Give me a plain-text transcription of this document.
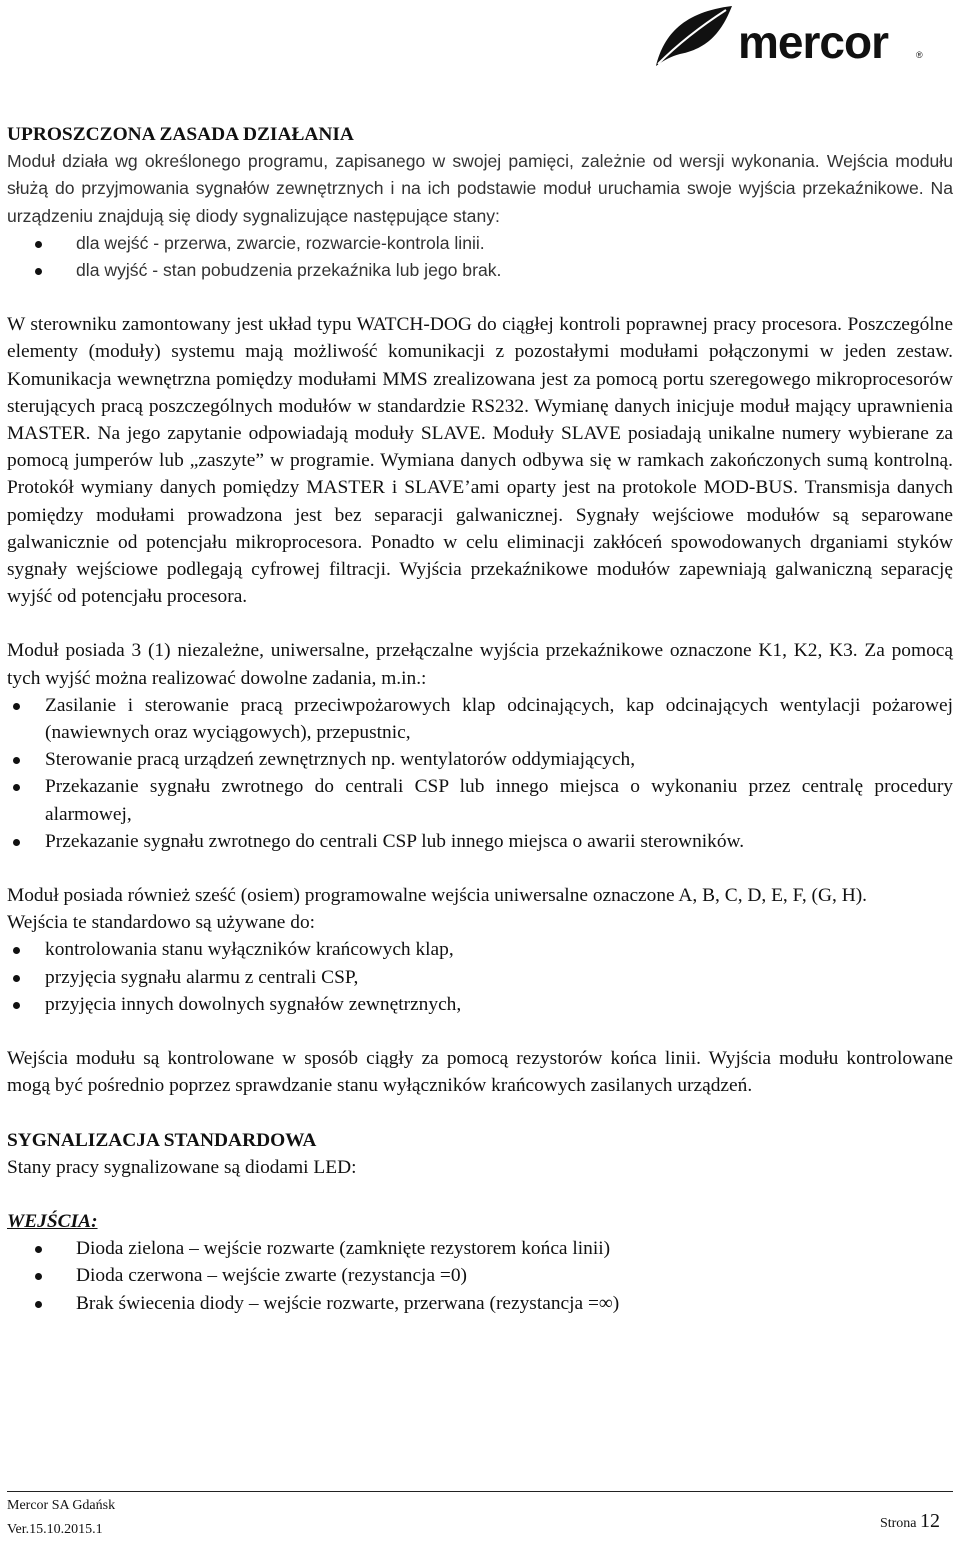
mercor	®

UPROSZCZONA ZASADA DZIAŁANIA

Moduł działa wg określonego programu, zapisanego w swojej pamięci, zależnie od wersji wykonania. Wejścia modułu służą do przyjmowania sygnałów zewnętrznych i na ich podstawie moduł uruchamia swoje wyjścia przekaźnikowe. Na urządzeniu znajdują się diody sygnalizujące następujące stany:

dla wejść - przerwa, zwarcie, rozwarcie-kontrola linii.
dla wyjść - stan pobudzenia przekaźnika lub jego brak.

W sterowniku zamontowany jest układ typu WATCH-DOG do ciągłej kontroli poprawnej pracy procesora. Poszczególne elementy (moduły) systemu mają możliwość komunikacji z pozostałymi modułami połączonymi w jeden zestaw. Komunikacja wewnętrzna pomiędzy modułami MMS zrealizowana jest za pomocą portu szeregowego mikroprocesorów sterujących pracą poszczególnych modułów w standardzie RS232. Wymianę danych inicjuje moduł mający uprawnienia MASTER. Na jego zapytanie odpowiadają moduły SLAVE. Moduły SLAVE posiadają unikalne numery wybierane za pomocą jumperów lub „zaszyte” w programie. Wymiana danych odbywa się w ramkach zakończonych sumą kontrolną. Protokół wymiany danych pomiędzy MASTER i SLAVE’ami oparty jest na protokole MOD-BUS. Transmisja danych pomiędzy modułami prowadzona jest bez separacji galwanicznej. Sygnały wejściowe modułów są separowane galwanicznie od potencjału mikroprocesora. Ponadto w celu eliminacji zakłóceń spowodowanych drganiami styków sygnały wejściowe podlegają cyfrowej filtracji. Wyjścia przekaźnikowe modułów zapewniają galwaniczną separację wyjść od potencjału procesora.

Moduł posiada 3 (1) niezależne, uniwersalne, przełączalne wyjścia przekaźnikowe oznaczone K1, K2, K3. Za pomocą tych wyjść można realizować dowolne zadania, m.in.:

Zasilanie i sterowanie pracą przeciwpożarowych klap odcinających, kap odcinających wentylacji pożarowej (nawiewnych oraz wyciągowych), przepustnic,
Sterowanie pracą urządzeń zewnętrznych np. wentylatorów oddymiających,
Przekazanie sygnału zwrotnego do centrali CSP lub innego miejsca o wykonaniu przez centralę procedury alarmowej,
Przekazanie sygnału zwrotnego do centrali CSP lub innego miejsca o awarii sterowników.

Moduł posiada również sześć (osiem) programowalne wejścia uniwersalne oznaczone A, B, C, D, E, F, (G, H).

Wejścia te standardowo są używane do:

kontrolowania stanu wyłączników krańcowych klap,
przyjęcia sygnału alarmu z centrali CSP,
przyjęcia innych dowolnych sygnałów zewnętrznych,

Wejścia modułu są kontrolowane w sposób ciągły za pomocą rezystorów końca linii. Wyjścia modułu kontrolowane mogą być pośrednio poprzez sprawdzanie stanu wyłączników krańcowych zasilanych urządzeń.

SYGNALIZACJA STANDARDOWA

Stany pracy sygnalizowane są diodami LED:

WEJŚCIA:

Dioda zielona – wejście rozwarte (zamknięte rezystorem końca linii)
Dioda czerwona – wejście zwarte (rezystancja =0)
Brak świecenia diody – wejście rozwarte, przerwana (rezystancja =∞)
Mercor SA Gdańsk
Ver.15.10.2015.1	Strona 12
